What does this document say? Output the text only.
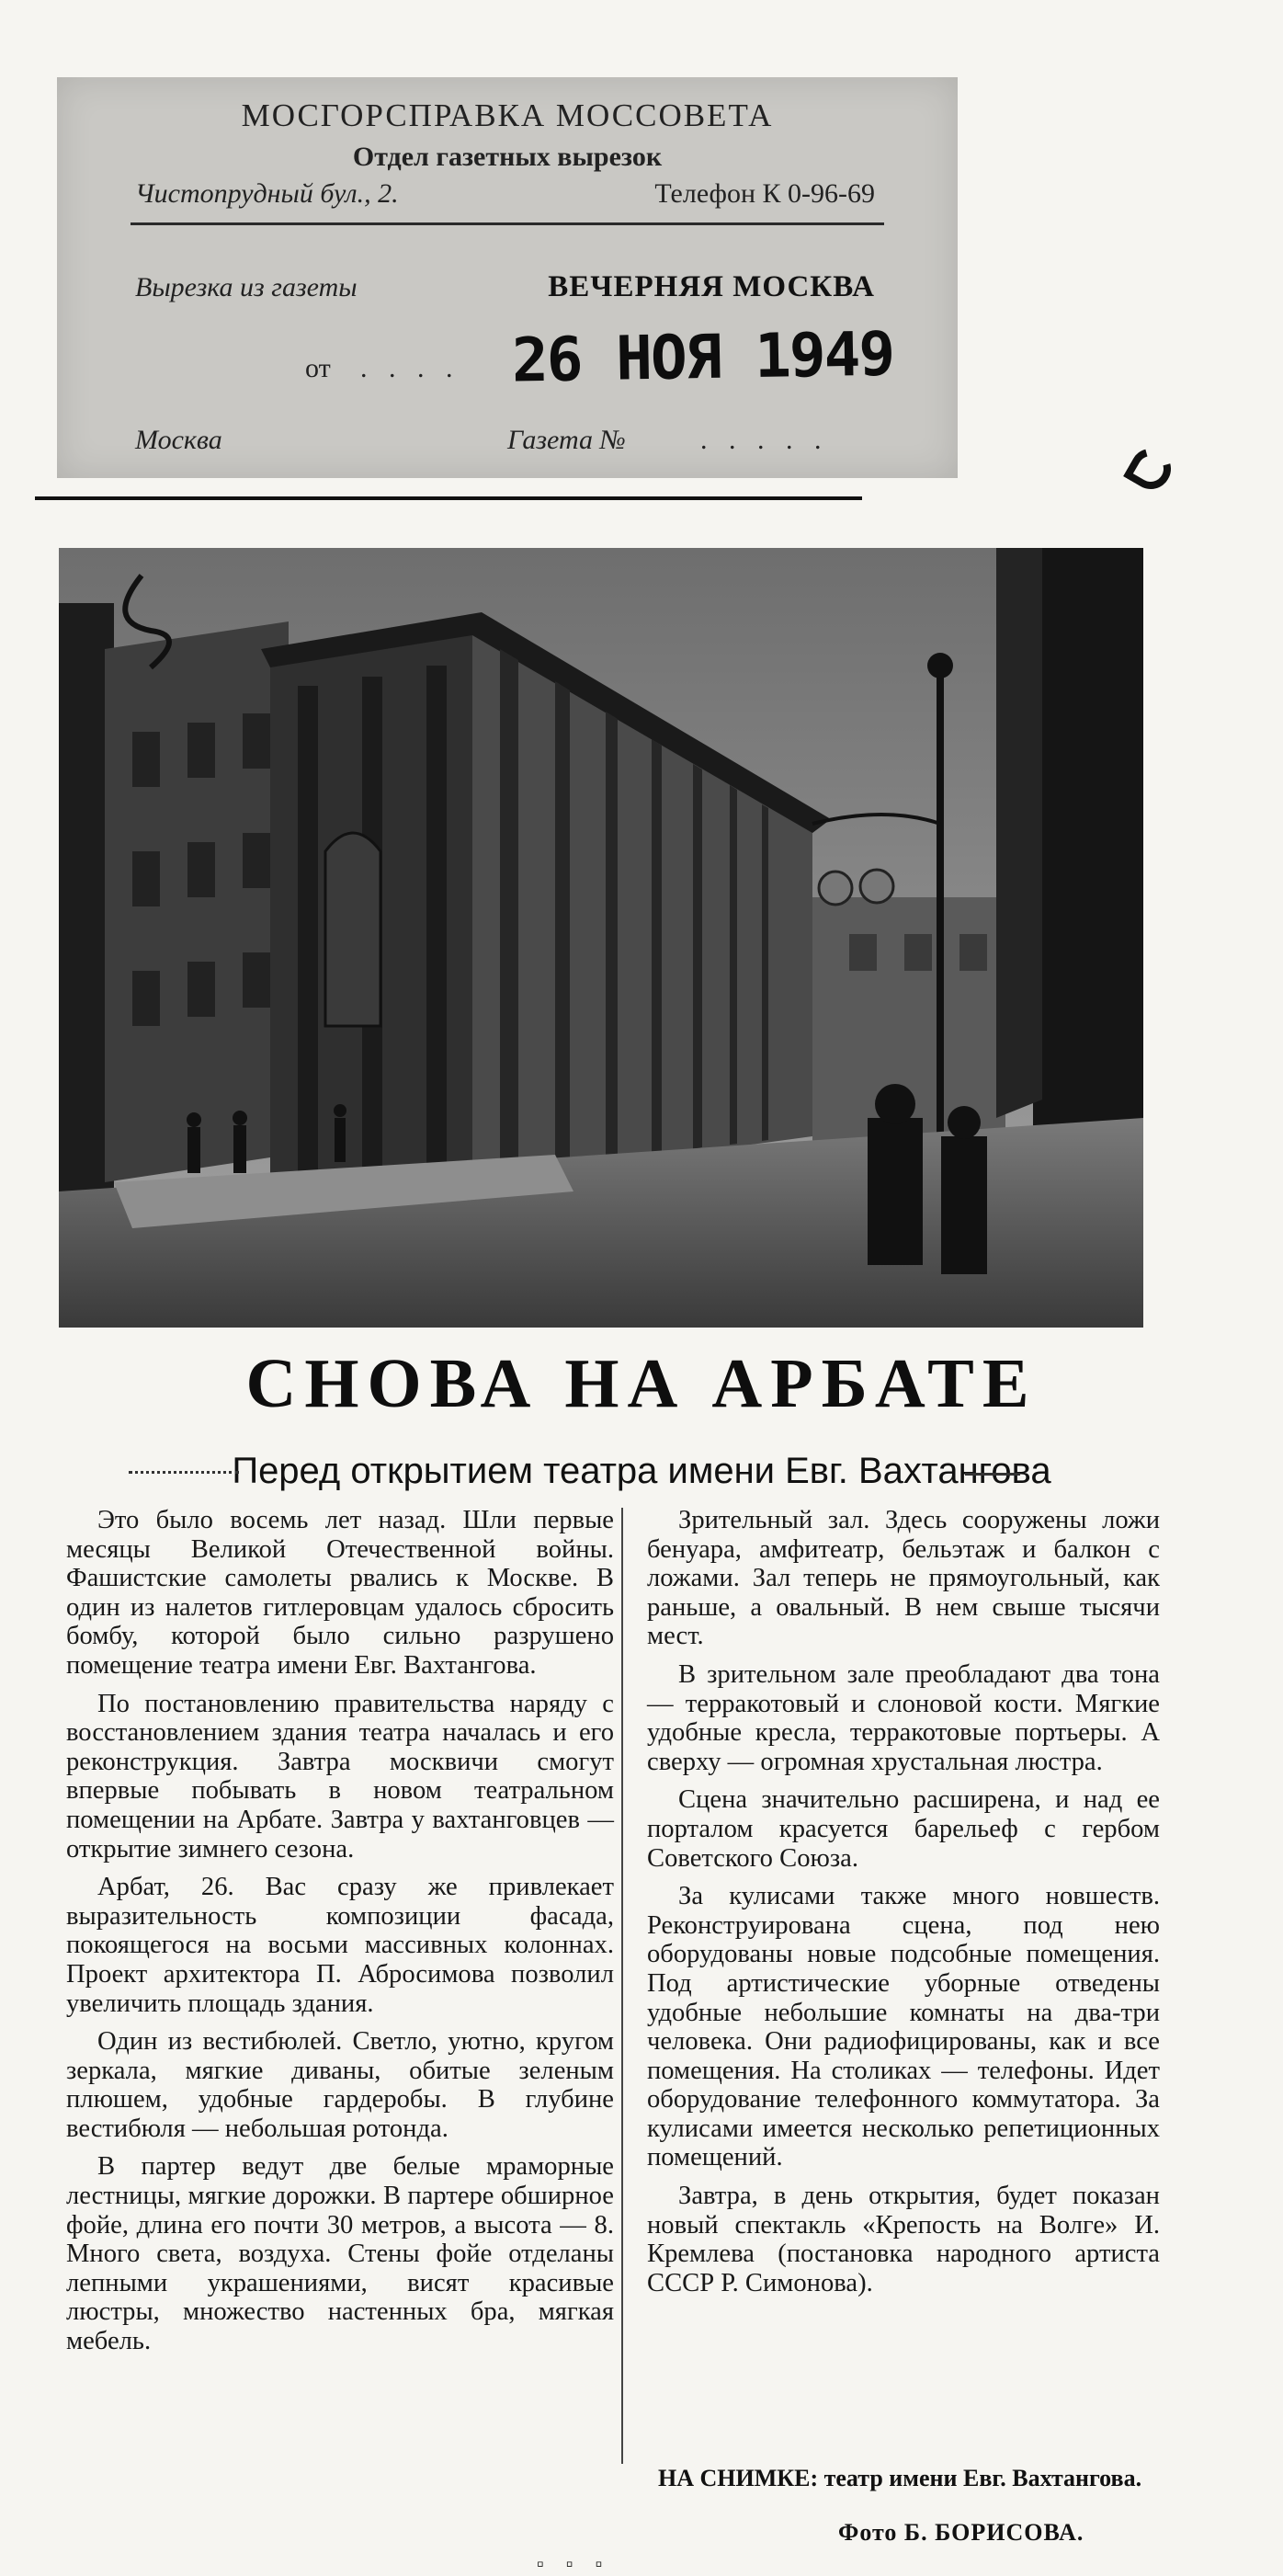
МОСГОРСПРАВКА МОССОВЕТА
Отдел газетных вырезок
Чистопрудный бул., 2.	Телефон К 0-96-69
Вырезка из газеты	ВЕЧЕРНЯЯ МОСКВА
от . . . . 26 НОЯ 1949
Москва	Газета №	. . . . .
СНОВА НА АРБАТЕ
Перед открытием театра имени Евг. Вахтангова

Это было восемь лет назад. Шли первые месяцы Великой Отечественной войны. Фашистские самолеты рвались к Москве. В один из налетов гитлеровцам удалось сбросить бомбу, которой было сильно разрушено помещение театра имени Евг. Вахтангова.

По постановлению правительства наряду с восстановлением здания театра началась и его реконструкция. Завтра москвичи смогут впервые побывать в новом театральном помещении на Арбате. Завтра у вахтанговцев — открытие зимнего сезона.

Арбат, 26. Вас сразу же привлекает выразительность композиции фасада, покоящегося на восьми массивных колоннах. Проект архитектора П. Абросимова позволил увеличить площадь здания.

Один из вестибюлей. Светло, уютно, кругом зеркала, мягкие диваны, обитые зеленым плюшем, удобные гардеробы. В глубине вестибюля — небольшая ротонда.

В партер ведут две белые мраморные лестницы, мягкие дорожки. В партере обширное фойе, длина его почти 30 метров, а высота — 8. Много света, воздуха. Стены фойе отделаны лепными украшениями, висят красивые люстры, множество настенных бра, мягкая мебель.

Зрительный зал. Здесь сооружены ложи бенуара, амфитеатр, бельэтаж и балкон с ложами. Зал теперь не прямоугольный, как раньше, а овальный. В нем свыше тысячи мест.

В зрительном зале преобладают два тона — терракотовый и слоновой кости. Мягкие удобные кресла, терракотовые портьеры. А сверху — огромная хрустальная люстра.

Сцена значительно расширена, и над ее порталом красуется барельеф с гербом Советского Союза.

За кулисами также много новшеств. Реконструирована сцена, под нею оборудованы новые подсобные помещения. Под артистические уборные отведены удобные небольшие комнаты на два-три человека. Они радиофицированы, как и все помещения. На столиках — телефоны. Идет оборудование телефонного коммутатора. За кулисами имеется несколько репетиционных помещений.

Завтра, в день открытия, будет показан новый спектакль «Крепость на Волге» И. Кремлева (постановка народного артиста СССР Р. Симонова).

НА СНИМКЕ: театр имени Евг. Вахтангова.
Фото Б. БОРИСОВА.
▫▫▫
